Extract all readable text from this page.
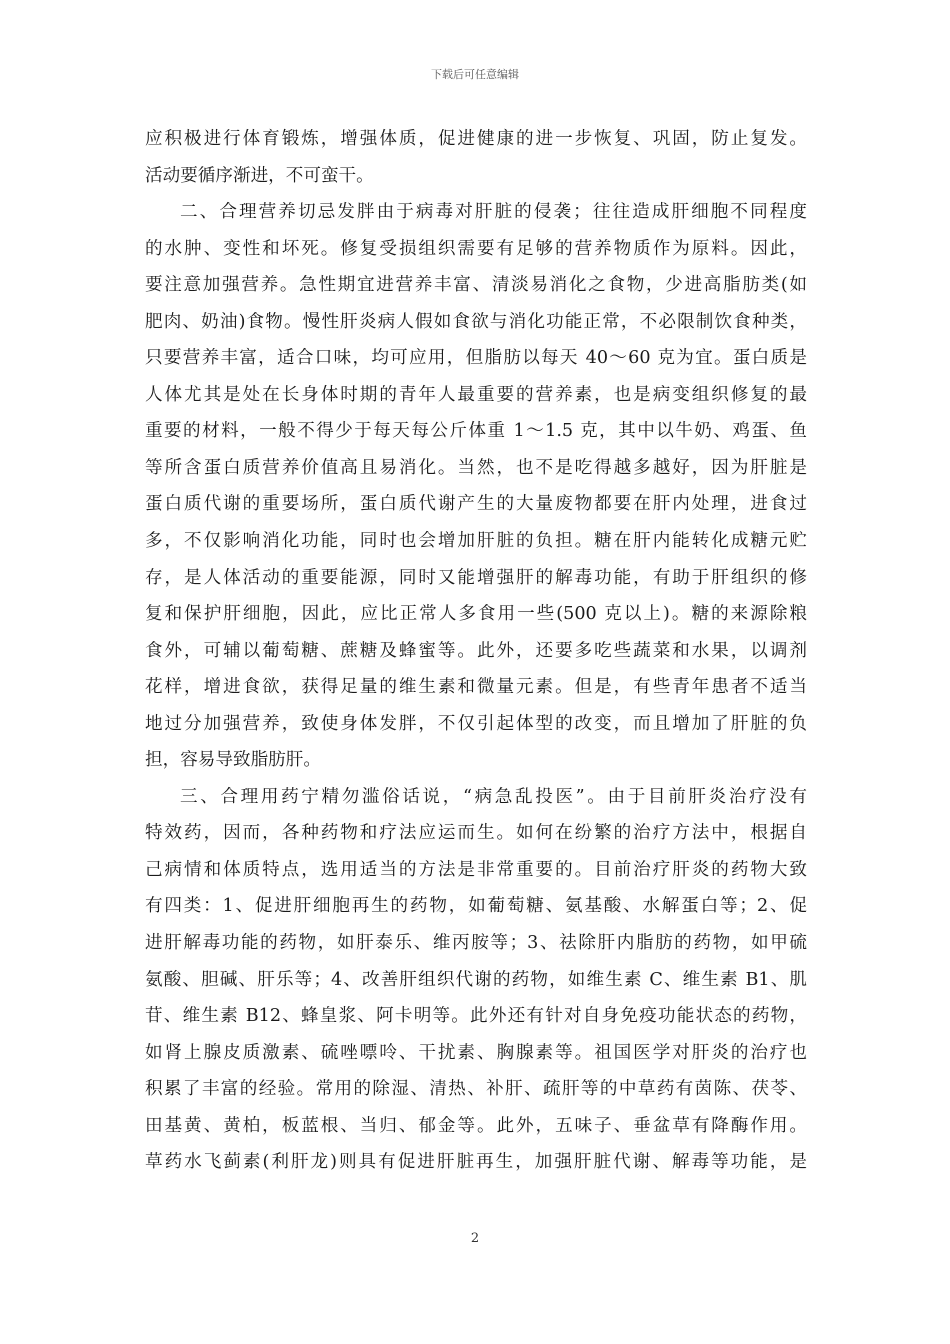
下载后可任意编辑
应积极进行体育锻炼，增强体质，促进健康的进一步恢复、巩固，防止复发。
活动要循序渐进，不可蛮干。
二、合理营养切忌发胖由于病毒对肝脏的侵袭；往往造成肝细胞不同程度
的水肿、变性和坏死。修复受损组织需要有足够的营养物质作为原料。因此，
要注意加强营养。急性期宜进营养丰富、清淡易消化之食物，少进高脂肪类(如
肥肉、奶油)食物。慢性肝炎病人假如食欲与消化功能正常，不必限制饮食种类，
只要营养丰富，适合口味，均可应用，但脂肪以每天 40～60 克为宜。蛋白质是
人体尤其是处在长身体时期的青年人最重要的营养素，也是病变组织修复的最
重要的材料，一般不得少于每天每公斤体重 1～1.5 克，其中以牛奶、鸡蛋、鱼
等所含蛋白质营养价值高且易消化。当然，也不是吃得越多越好，因为肝脏是
蛋白质代谢的重要场所，蛋白质代谢产生的大量废物都要在肝内处理，进食过
多，不仅影响消化功能，同时也会增加肝脏的负担。糖在肝内能转化成糖元贮
存，是人体活动的重要能源，同时又能增强肝的解毒功能，有助于肝组织的修
复和保护肝细胞，因此，应比正常人多食用一些(500 克以上)。糖的来源除粮
食外，可辅以葡萄糖、蔗糖及蜂蜜等。此外，还要多吃些蔬菜和水果，以调剂
花样，增进食欲，获得足量的维生素和微量元素。但是，有些青年患者不适当
地过分加强营养，致使身体发胖，不仅引起体型的改变，而且增加了肝脏的负
担，容易导致脂肪肝。
三、合理用药宁精勿滥俗话说，“病急乱投医”。由于目前肝炎治疗没有
特效药，因而，各种药物和疗法应运而生。如何在纷繁的治疗方法中，根据自
己病情和体质特点，选用适当的方法是非常重要的。目前治疗肝炎的药物大致
有四类：1、促进肝细胞再生的药物，如葡萄糖、氨基酸、水解蛋白等；2、促
进肝解毒功能的药物，如肝泰乐、维丙胺等；3、祛除肝内脂肪的药物，如甲硫
氨酸、胆碱、肝乐等；4、改善肝组织代谢的药物，如维生素 C、维生素 B1、肌
苷、维生素 B12、蜂皇浆、阿卡明等。此外还有针对自身免疫功能状态的药物，
如肾上腺皮质激素、硫唑嘌呤、干扰素、胸腺素等。祖国医学对肝炎的治疗也
积累了丰富的经验。常用的除湿、清热、补肝、疏肝等的中草药有茵陈、茯苓、
田基黄、黄柏，板蓝根、当归、郁金等。此外，五味子、垂盆草有降酶作用。
草药水飞蓟素(利肝龙)则具有促进肝脏再生，加强肝脏代谢、解毒等功能，是
2
